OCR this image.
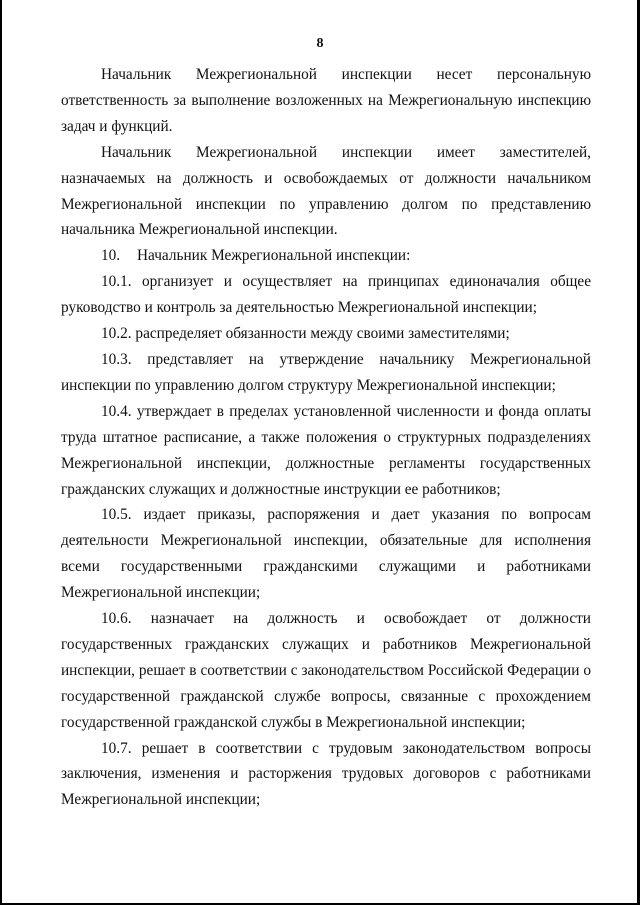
8

Начальник Межрегиональной инспекции несет персональную ответственность за выполнение возложенных на Межрегиональную инспекцию задач и функций.

Начальник Межрегиональной инспекции имеет заместителей, назначаемых на должность и освобождаемых от должности начальником Межрегиональной инспекции по управлению долгом по представлению начальника Межрегиональной инспекции.

10. Начальник Межрегиональной инспекции:

10.1. организует и осуществляет на принципах единоначалия общее руководство и контроль за деятельностью Межрегиональной инспекции;

10.2. распределяет обязанности между своими заместителями;

10.3. представляет на утверждение начальнику Межрегиональной инспекции по управлению долгом структуру Межрегиональной инспекции;

10.4. утверждает в пределах установленной численности и фонда оплаты труда штатное расписание, а также положения о структурных подразделениях Межрегиональной инспекции, должностные регламенты государственных гражданских служащих и должностные инструкции ее работников;

10.5. издает приказы, распоряжения и дает указания по вопросам деятельности Межрегиональной инспекции, обязательные для исполнения всеми государственными гражданскими служащими и работниками Межрегиональной инспекции;

10.6. назначает на должность и освобождает от должности государственных гражданских служащих и работников Межрегиональной инспекции, решает в соответствии с законодательством Российской Федерации о государственной гражданской службе вопросы, связанные с прохождением государственной гражданской службы в Межрегиональной инспекции;

10.7. решает в соответствии с трудовым законодательством вопросы заключения, изменения и расторжения трудовых договоров с работниками Межрегиональной инспекции;
